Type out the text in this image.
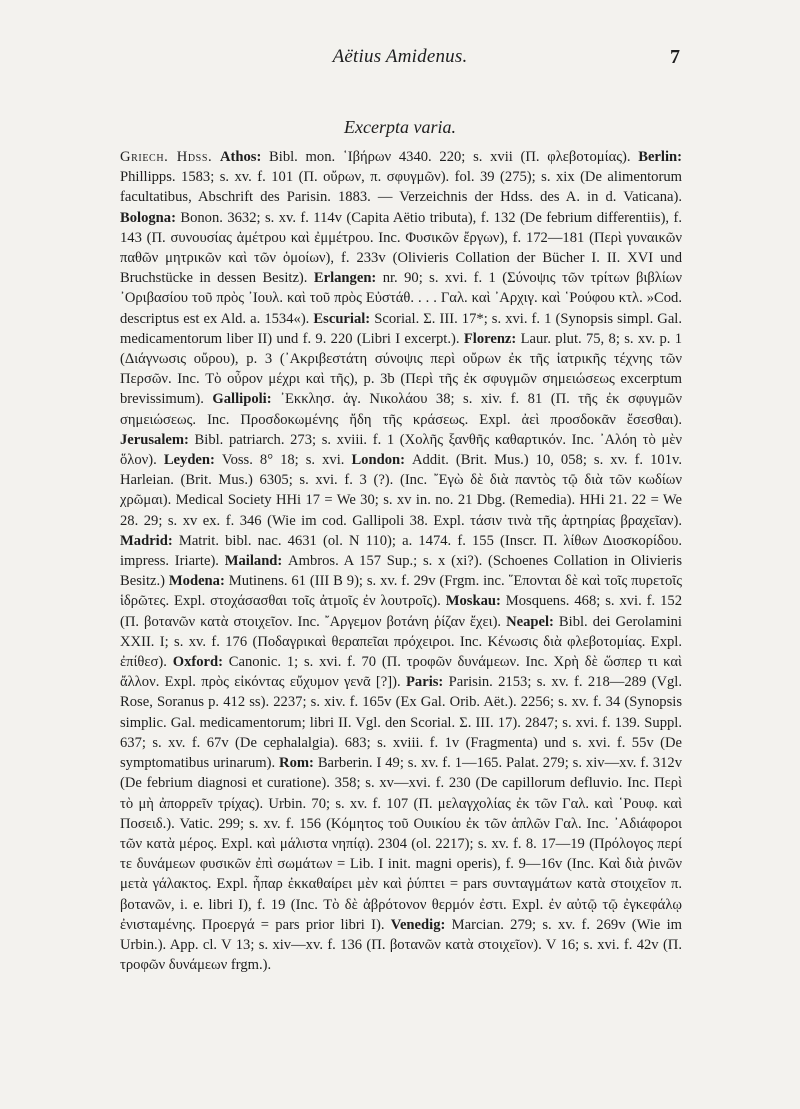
Aëtius Amidenus.	7
Excerpta varia.

Griech. Hdss. Athos: Bibl. mon. ῾Ιβήρων 4340. 220; s. xvii (Π. φλεβοτομίας). Berlin: Phillipps. 1583; s. xv. f. 101 (Π. οὔρων, π. σφυγμῶν). fol. 39 (275); s. xix (De alimentorum facultatibus, Abschrift des Parisin. 1883. — Verzeichnis der Hdss. des A. in d. Vaticana). Bologna: Bonon. 3632; s. xv. f. 114v (Capita Aëtio tributa), f. 132 (De febrium differentiis), f. 143 (Π. συνουσίας ἀμέτρου καὶ ἐμμέτρου. Inc. Φυσικῶν ἔργων), f. 172—181 (Περὶ γυναικῶν παθῶν μητρικῶν καὶ τῶν ὁμοίων), f. 233v (Olivieris Collation der Bücher I. II. XVI und Bruchstücke in dessen Besitz). Erlangen: nr. 90; s. xvi. f. 1 (Σύνοψις τῶν τρίτων βιβλίων ᾿Οριβασίου τοῦ πρὸς ᾿Ιουλ. καὶ τοῦ πρὸς Εὐστάθ. . . . Γαλ. καὶ ᾿Αρχιγ. καὶ ῾Ρούφου κτλ. »Cod. descriptus est ex Ald. a. 1534«). Escurial: Scorial. Σ. III. 17*; s. xvi. f. 1 (Synopsis simpl. Gal. medicamentorum liber II) und f. 9. 220 (Libri I excerpt.). Florenz: Laur. plut. 75, 8; s. xv. p. 1 (Διάγνωσις οὔρου), p. 3 (᾿Ακριβεστάτη σύνοψις περὶ οὔρων ἐκ τῆς ἰατρικῆς τέχνης τῶν Περσῶν. Inc. Τὸ οὖρον μέχρι καὶ τῆς), p. 3b (Περὶ τῆς ἐκ σφυγμῶν σημειώσεως excerptum brevissimum). Gallipoli: ᾿Εκκλησ. ἁγ. Νικολάου 38; s. xiv. f. 81 (Π. τῆς ἐκ σφυγμῶν σημειώσεως. Inc. Προσδοκωμένης ἤδη τῆς κράσεως. Expl. ἀεὶ προσδοκᾶν ἔσεσθαι). Jerusalem: Bibl. patriarch. 273; s. xviii. f. 1 (Χολῆς ξανθῆς καθαρτικόν. Inc. ᾿Αλόη τὸ μὲν ὅλον). Leyden: Voss. 8° 18; s. xvi. London: Addit. (Brit. Mus.) 10, 058; s. xv. f. 101v. Harleian. (Brit. Mus.) 6305; s. xvi. f. 3 (?). (Inc. ῎Εγὼ δὲ διὰ παντὸς τῷ διὰ τῶν κωδίων χρῶμαι). Medical Society HHi 17 = We 30; s. xv in. no. 21 Dbg. (Remedia). HHi 21. 22 = We 28. 29; s. xv ex. f. 346 (Wie im cod. Gallipoli 38. Expl. τάσιν τινὰ τῆς ἀρτηρίας βραχεῖαν). Madrid: Matrit. bibl. nac. 4631 (ol. N 110); a. 1474. f. 155 (Inscr. Π. λίθων Διοσκορίδου. impress. Iriarte). Mailand: Ambros. A 157 Sup.; s. x (xi?). (Schoenes Collation in Olivieris Besitz.) Modena: Mutinens. 61 (III B 9); s. xv. f. 29v (Frgm. inc. ῞Επονται δὲ καὶ τοῖς πυρετοῖς ἱδρῶτες. Expl. στοχάσασθαι τοῖς ἀτμοῖς ἐν λουτροῖς). Moskau: Mosquens. 468; s. xvi. f. 152 (Π. βοτανῶν κατὰ στοιχεῖον. Inc. ῎Αργεμον βοτάνη ῥίζαν ἔχει). Neapel: Bibl. dei Gerolamini XXII. I; s. xv. f. 176 (Ποδαγρικαὶ θεραπεῖαι πρόχειροι. Inc. Κένωσις διὰ φλεβοτομίας. Expl. ἐπίθεσ). Oxford: Canonic. 1; s. xvi. f. 70 (Π. τροφῶν δυνάμεων. Inc. Χρὴ δὲ ὥσπερ τι καὶ ἄλλον. Expl. πρὸς εἰκόντας εὔχυμον γενᾶ [?]). Paris: Parisin. 2153; s. xv. f. 218—289 (Vgl. Rose, Soranus p. 412 ss). 2237; s. xiv. f. 165v (Ex Gal. Orib. Aët.). 2256; s. xv. f. 34 (Synopsis simplic. Gal. medicamentorum; libri II. Vgl. den Scorial. Σ. III. 17). 2847; s. xvi. f. 139. Suppl. 637; s. xv. f. 67v (De cephalalgia). 683; s. xviii. f. 1v (Fragmenta) und s. xvi. f. 55v (De symptomatibus urinarum). Rom: Barberin. I 49; s. xv. f. 1—165. Palat. 279; s. xiv—xv. f. 312v (De febrium diagnosi et curatione). 358; s. xv—xvi. f. 230 (De capillorum defluvio. Inc. Περὶ τὸ μὴ ἀπορρεῖν τρίχας). Urbin. 70; s. xv. f. 107 (Π. μελαγχολίας ἐκ τῶν Γαλ. καὶ ῾Ρουφ. καὶ Ποσειδ.). Vatic. 299; s. xv. f. 156 (Κόμητος τοῦ Ουικίου ἐκ τῶν ἁπλῶν Γαλ. Inc. ᾿Αδιάφοροι τῶν κατὰ μέρος. Expl. καὶ μάλιστα νηπίᾳ). 2304 (ol. 2217); s. xv. f. 8. 17—19 (Πρόλογος περί τε δυνάμεων φυσικῶν ἐπὶ σωμάτων = Lib. I init. magni operis), f. 9—16v (Inc. Καὶ διὰ ῥινῶν μετὰ γάλακτος. Expl. ἧπαρ ἐκκαθαίρει μὲν καὶ ῥύπτει = pars συνταγμάτων κατὰ στοιχεῖον π. βοτανῶν, i. e. libri I), f. 19 (Inc. Τὸ δὲ ἀβρότονον θερμόν ἐστι. Expl. ἐν αὐτῷ τῷ ἐγκεφάλῳ ἐνισταμένης. Προεργά = pars prior libri I). Venedig: Marcian. 279; s. xv. f. 269v (Wie im Urbin.). App. cl. V 13; s. xiv—xv. f. 136 (Π. βοτανῶν κατὰ στοιχεῖον). V 16; s. xvi. f. 42v (Π. τροφῶν δυνάμεων frgm.).
